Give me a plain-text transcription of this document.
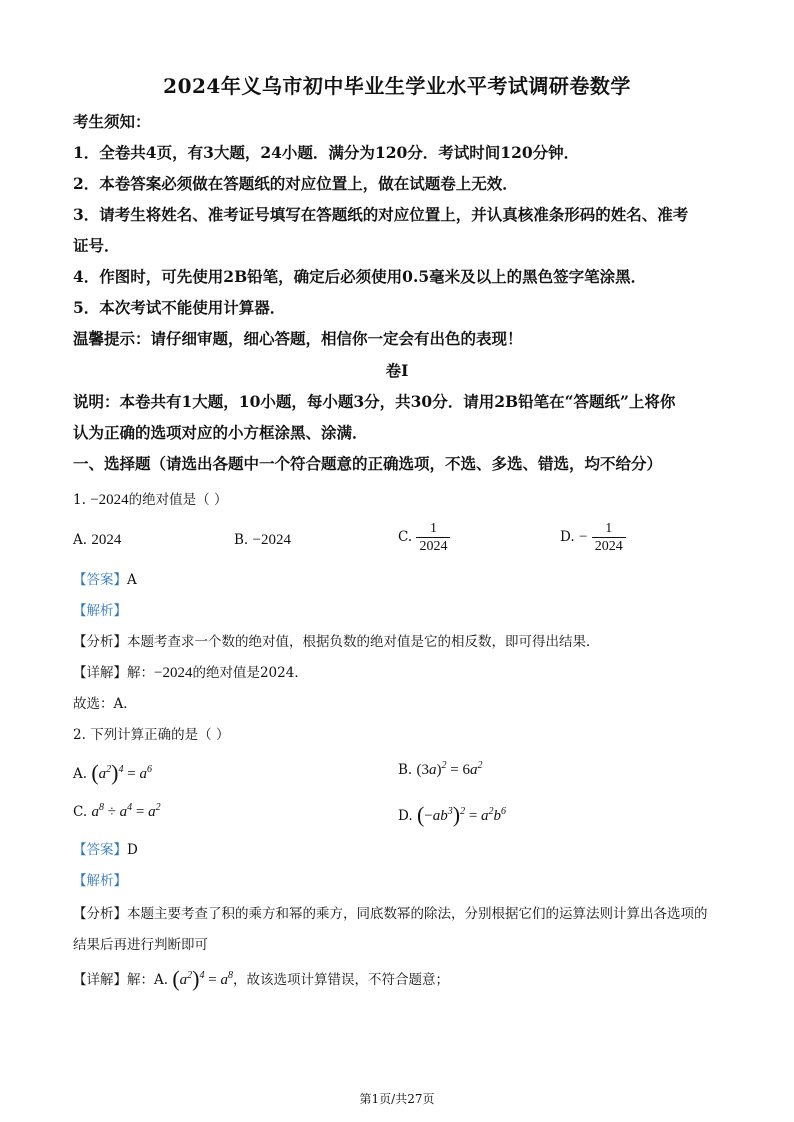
2024年义乌市初中毕业生学业水平考试调研卷数学
考生须知：
1．全卷共4页，有3大题，24小题．满分为120分．考试时间120分钟．
2．本卷答案必须做在答题纸的对应位置上，做在试题卷上无效．
3．请考生将姓名、准考证号填写在答题纸的对应位置上，并认真核准条形码的姓名、准考
证号．
4．作图时，可先使用2B铅笔，确定后必须使用0.5毫米及以上的黑色签字笔涂黑．
5．本次考试不能使用计算器．
温馨提示：请仔细审题，细心答题，相信你一定会有出色的表现！
卷I
说明：本卷共有1大题，10小题，每小题3分，共30分．请用2B铅笔在“答题纸”上将你
认为正确的选项对应的小方框涂黑、涂满．
一、选择题（请选出各题中一个符合题意的正确选项，不选、多选、错选，均不给分）
1. −2024的绝对值是（ ）
A. 2024	B. −2024	C. $\frac{1}{2024}$	D. − $\frac{1}{2024}$
【答案】A
【解析】
【分析】本题考查求一个数的绝对值，根据负数的绝对值是它的相反数，即可得出结果．
【详解】解：−2024的绝对值是2024．
故选：A．
2. 下列计算正确的是（ ）
A. $(a^2)^4 = a^6$	B. $(3a)^2 = 6a^2$
C. $a^8 \div a^4 = a^2$
D. $(-ab^3)^2 = a^2b^6$
【答案】D
【解析】
【分析】本题主要考查了积的乘方和幂的乘方，同底数幂的除法，分别根据它们的运算法则计算出各选项的
结果后再进行判断即可
【详解】解：A. $(a^2)^4 = a^8$，故该选项计算错误，不符合题意；
第1页/共27页
